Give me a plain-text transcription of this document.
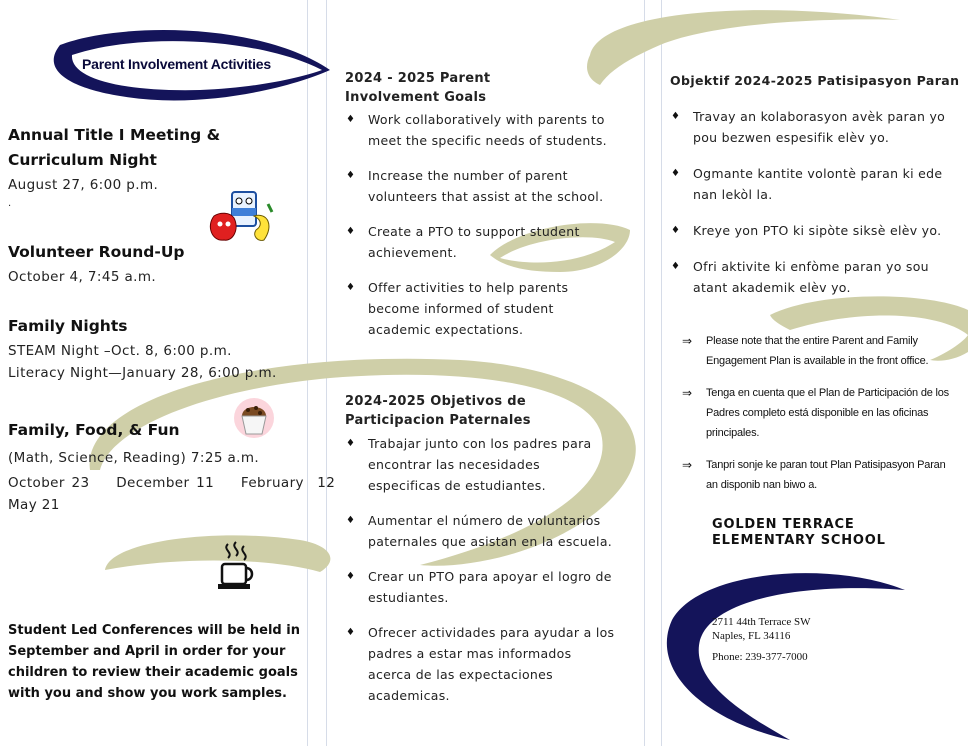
Parent Involvement Activities
Annual Title I Meeting &
Curriculum Night
August 27, 6:00 p.m.
.
Volunteer Round-Up
October 4, 7:45 a.m.
Family Nights
STEAM Night –Oct. 8, 6:00 p.m.
Literacy Night—January 28, 6:00 p.m.
Family, Food, & Fun
(Math, Science, Reading) 7:25 a.m.
October 23    December 11    February  12
May 21
Student Led Conferences will be held in September and April in order for your children to review their academic goals with you and show you work samples.
2024 - 2025 Parent
Involvement Goals
♦ Work collaboratively with parents to meet the specific needs of students.
♦ Increase the number of parent volunteers that assist at the school.
♦ Create a PTO to support student achievement.
♦ Offer activities to help parents become informed of student academic expectations.
2024-2025 Objetivos de
Participacion Paternales
♦ Trabajar junto con los padres para encontrar las necesidades especificas de estudiantes.
♦ Aumentar el número de voluntarios paternales que asistan en la escuela.
♦ Crear un PTO para apoyar el logro de estudiantes.
♦ Ofrecer actividades para ayudar a los padres a estar mas informados acerca de las expectaciones academicas.
Objektif 2024-2025 Patisipasyon Paran
♦ Travay an kolaborasyon avèk paran yo pou bezwen espesifik elèv yo.
♦ Ogmante kantite volontè paran ki ede nan lekòl la.
♦ Kreye yon PTO ki sipòte siksè elèv yo.
♦ Ofri aktivite ki enfòme paran yo sou atant akademik elèv yo.
⇒ Please note that the entire Parent and Family Engagement Plan is available in the front office.
⇒ Tenga en cuenta que el Plan de Participación de los Padres completo está disponible en las oficinas principales.
⇒ Tanpri sonje ke paran tout Plan Patisipasyon Paran an disponib nan biwo a.
GOLDEN TERRACE
ELEMENTARY SCHOOL
2711 44th Terrace SW
Naples, FL 34116
Phone: 239-377-7000
